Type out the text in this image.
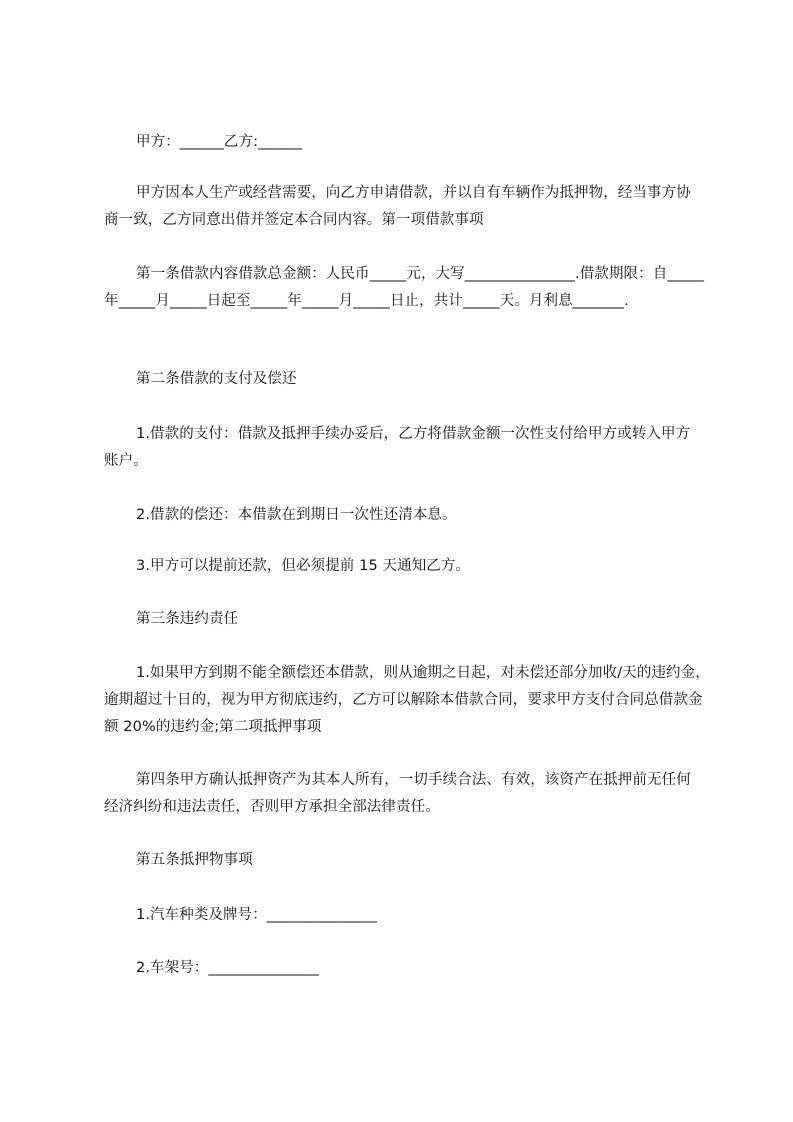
甲方：______乙方:______

甲方因本人生产或经营需要，向乙方申请借款，并以自有车辆作为抵押物，经当事方协商一致，乙方同意出借并签定本合同内容。第一项借款事项

第一条借款内容借款总金额：人民币_____元，大写_______________.借款期限：自_____年_____月_____日起至_____年_____月_____日止，共计_____天。月利息_______.

第二条借款的支付及偿还

1.借款的支付：借款及抵押手续办妥后，乙方将借款金额一次性支付给甲方或转入甲方账户。

2.借款的偿还：本借款在到期日一次性还清本息。

3.甲方可以提前还款，但必须提前 15 天通知乙方。

第三条违约责任

1.如果甲方到期不能全额偿还本借款，则从逾期之日起，对未偿还部分加收/天的违约金，逾期超过十日的，视为甲方彻底违约，乙方可以解除本借款合同，要求甲方支付合同总借款金额 20%的违约金;第二项抵押事项

第四条甲方确认抵押资产为其本人所有，一切手续合法、有效，该资产在抵押前无任何经济纠纷和违法责任，否则甲方承担全部法律责任。

第五条抵押物事项

1.汽车种类及牌号：_______________

2.车架号：_______________
